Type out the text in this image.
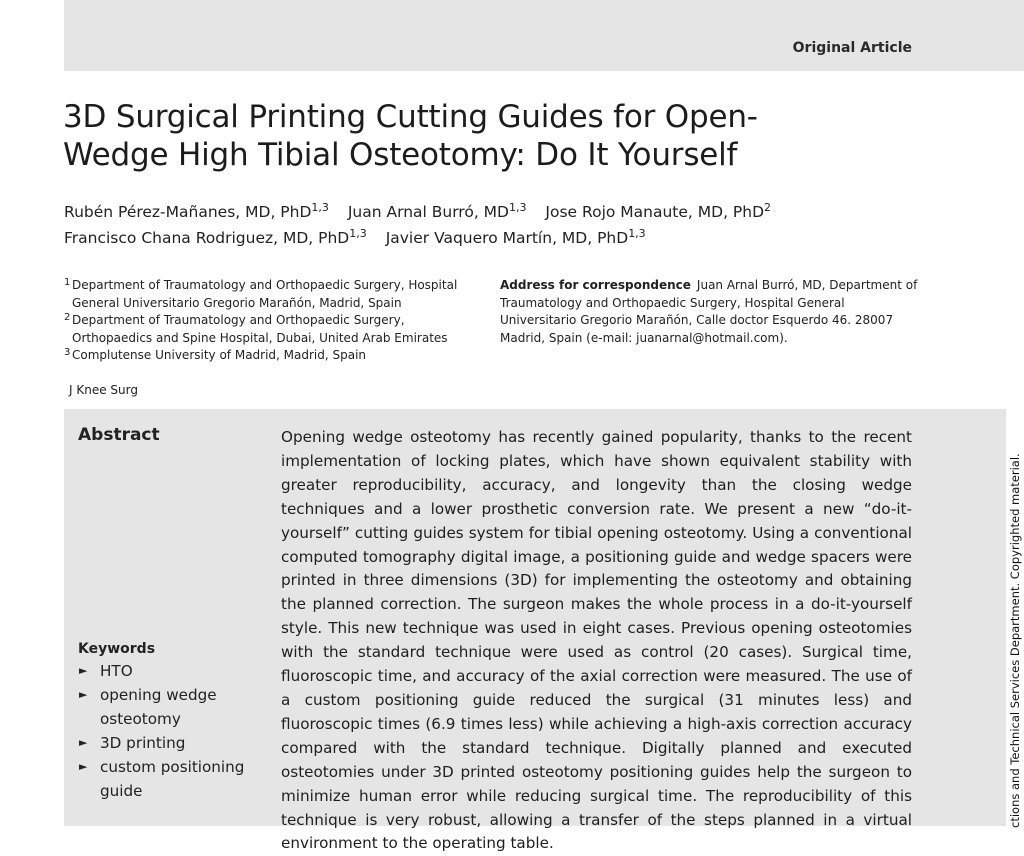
Original Article
3D Surgical Printing Cutting Guides for Open-Wedge High Tibial Osteotomy: Do It Yourself
Rubén Pérez-Mañanes, MD, PhD$^{1,3}$ Juan Arnal Burró, MD$^{1,3}$ Jose Rojo Manaute, MD, PhD$^2$
Francisco Chana Rodriguez, MD, PhD$^{1,3}$ Javier Vaquero Martín, MD, PhD$^{1,3}$
1 Department of Traumatology and Orthopaedic Surgery, Hospital General Universitario Gregorio Marañón, Madrid, Spain
2 Department of Traumatology and Orthopaedic Surgery, Orthopaedics and Spine Hospital, Dubai, United Arab Emirates
3 Complutense University of Madrid, Madrid, Spain
Address for correspondence Juan Arnal Burró, MD, Department of Traumatology and Orthopaedic Surgery, Hospital General Universitario Gregorio Marañón, Calle doctor Esquerdo 46. 28007 Madrid, Spain (e-mail: juanarnal@hotmail.com).
J Knee Surg
Abstract	Opening wedge osteotomy has recently gained popularity, thanks to the recent implementation of locking plates, which have shown equivalent stability with greater reproducibility, accuracy, and longevity than the closing wedge techniques and a lower prosthetic conversion rate. We present a new “do-it-yourself” cutting guides system for tibial opening osteotomy. Using a conventional computed tomography digital image, a positioning guide and wedge spacers were printed in three dimensions (3D) for implementing the osteotomy and obtaining the planned correction. The surgeon makes the whole process in a do-it-yourself style. This new technique was used in eight cases. Previous opening osteotomies with the standard technique were used as control (20 cases). Surgical time, fluoroscopic time, and accuracy of the axial correction were measured. The use of a custom positioning guide reduced the surgical (31 minutes less) and fluoroscopic times (6.9 times less) while achieving a high-axis correction accuracy compared with the standard technique. Digitally planned and executed osteotomies under 3D printed osteotomy positioning guides help the surgeon to minimize human error while reducing surgical time. The reproducibility of this technique is very robust, allowing a transfer of the steps planned in a virtual environment to the operating table.

Keywords
► HTO
► opening wedge osteotomy
► 3D printing
► custom positioning guide	ctions and Technical Services Department. Copyrighted material.
